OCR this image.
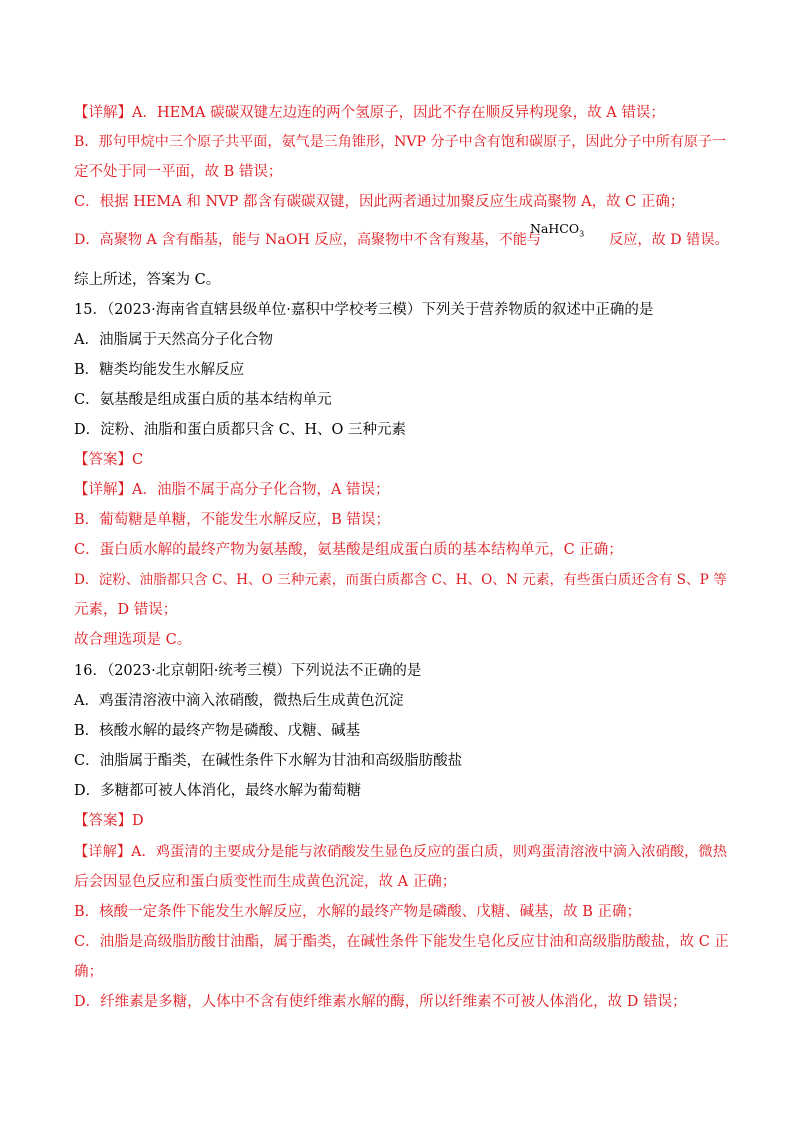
【详解】A．HEMA 碳碳双键左边连的两个氢原子，因此不存在顺反异构现象，故 A 错误；
B．那句甲烷中三个原子共平面，氨气是三角锥形，NVP 分子中含有饱和碳原子，因此分子中所有原子一
定不处于同一平面，故 B 错误；
C．根据 HEMA 和 NVP 都含有碳碳双键，因此两者通过加聚反应生成高聚物 A，故 C 正确；
D．高聚物 A 含有酯基，能与 NaOH 反应，高聚物中不含有羧基，不能与	反应，故 D 错误。
NaHCO$_3$
综上所述，答案为 C。
15．（2023·海南省直辖县级单位·嘉积中学校考三模）下列关于营养物质的叙述中正确的是
A．油脂属于天然高分子化合物
B．糖类均能发生水解反应
C．氨基酸是组成蛋白质的基本结构单元
D．淀粉、油脂和蛋白质都只含 C、H、O 三种元素
【答案】C
【详解】A．油脂不属于高分子化合物，A 错误；
B．葡萄糖是单糖，不能发生水解反应，B 错误；
C．蛋白质水解的最终产物为氨基酸，氨基酸是组成蛋白质的基本结构单元，C 正确；
D．淀粉、油脂都只含 C、H、O 三种元素，而蛋白质都含 C、H、O、N 元素，有些蛋白质还含有 S、P 等
元素，D 错误；
故合理选项是 C。
16．（2023·北京朝阳·统考三模）下列说法不正确的是
A．鸡蛋清溶液中滴入浓硝酸，微热后生成黄色沉淀
B．核酸水解的最终产物是磷酸、戊糖、碱基
C．油脂属于酯类，在碱性条件下水解为甘油和高级脂肪酸盐
D．多糖都可被人体消化，最终水解为葡萄糖
【答案】D
【详解】A．鸡蛋清的主要成分是能与浓硝酸发生显色反应的蛋白质，则鸡蛋清溶液中滴入浓硝酸，微热
后会因显色反应和蛋白质变性而生成黄色沉淀，故 A 正确；
B．核酸一定条件下能发生水解反应，水解的最终产物是磷酸、戊糖、碱基，故 B 正确；
C．油脂是高级脂肪酸甘油酯，属于酯类，在碱性条件下能发生皂化反应甘油和高级脂肪酸盐，故 C 正
确；
D．纤维素是多糖，人体中不含有使纤维素水解的酶，所以纤维素不可被人体消化，故 D 错误；
